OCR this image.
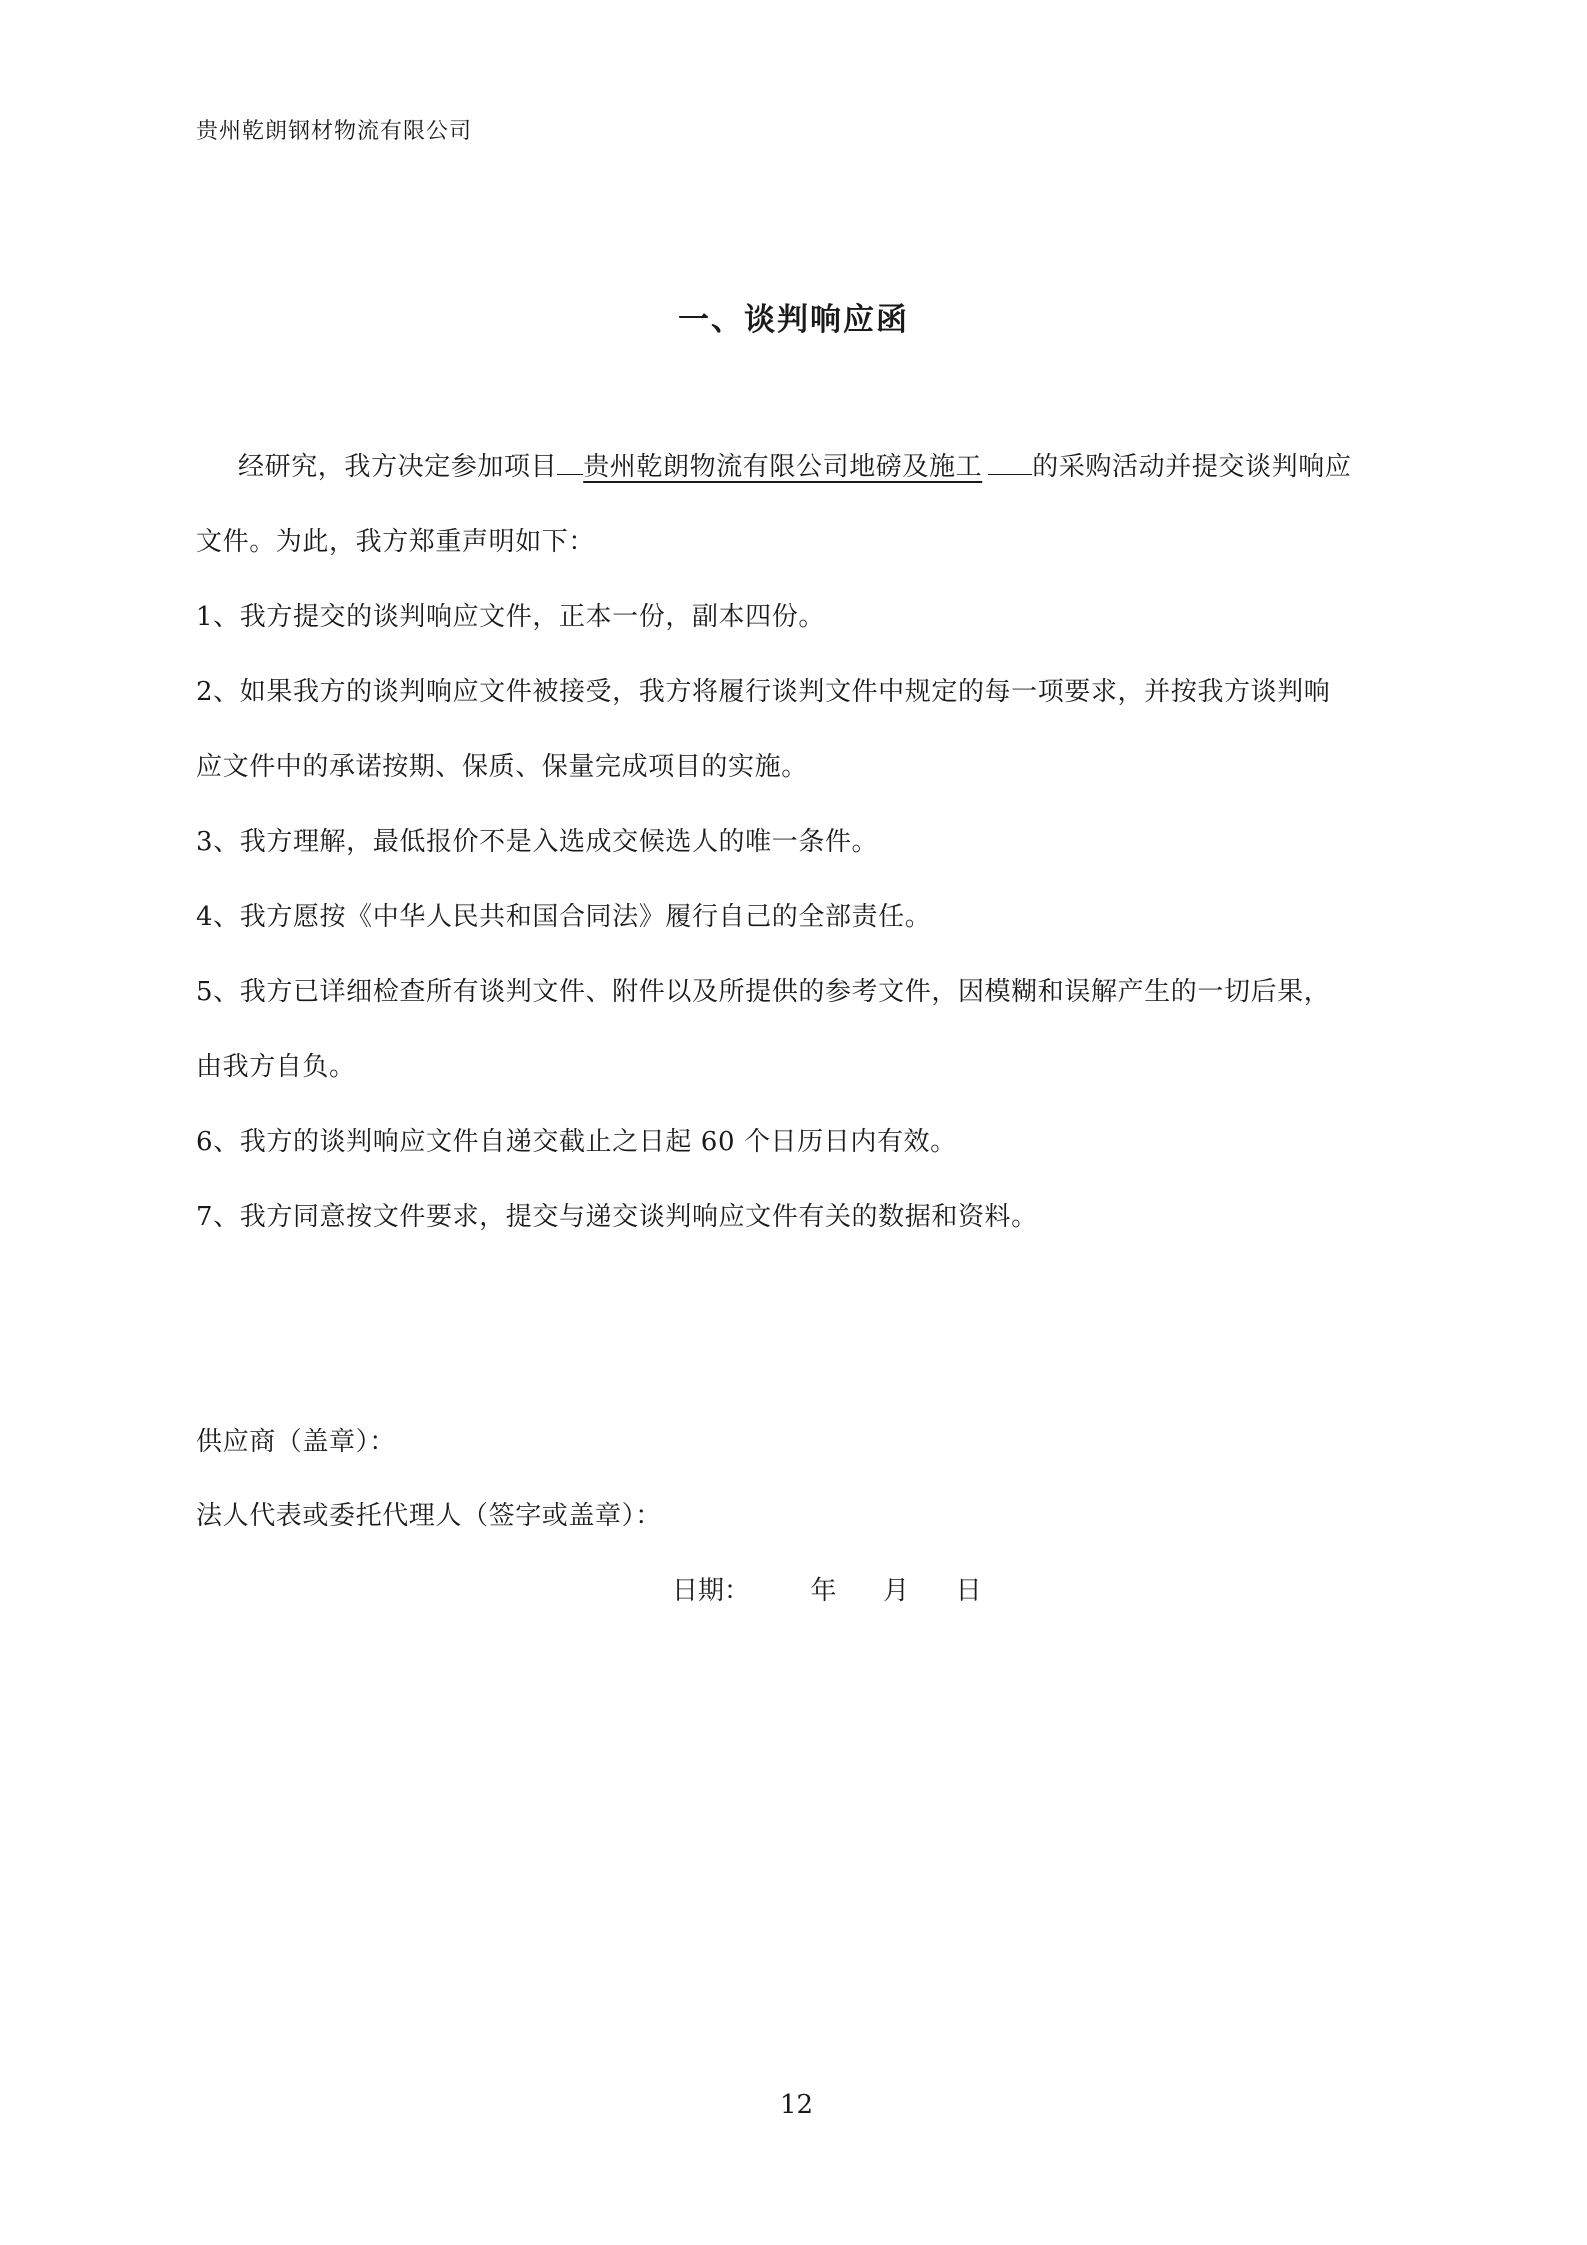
贵州乾朗钢材物流有限公司
一、谈判响应函
经研究，我方决定参加项目 贵州乾朗物流有限公司地磅及施工 的采购活动并提交谈判响应
文件。为此，我方郑重声明如下：
1、我方提交的谈判响应文件，正本一份，副本四份。
2、如果我方的谈判响应文件被接受，我方将履行谈判文件中规定的每一项要求，并按我方谈判响
应文件中的承诺按期、保质、保量完成项目的实施。
3、我方理解，最低报价不是入选成交候选人的唯一条件。
4、我方愿按《中华人民共和国合同法》履行自己的全部责任。
5、我方已详细检查所有谈判文件、附件以及所提供的参考文件，因模糊和误解产生的一切后果，
由我方自负。
6、我方的谈判响应文件自递交截止之日起 60 个日历日内有效。
7、我方同意按文件要求，提交与递交谈判响应文件有关的数据和资料。
供应商（盖章）：
法人代表或委托代理人（签字或盖章）：
日期： 年 月 日
12
